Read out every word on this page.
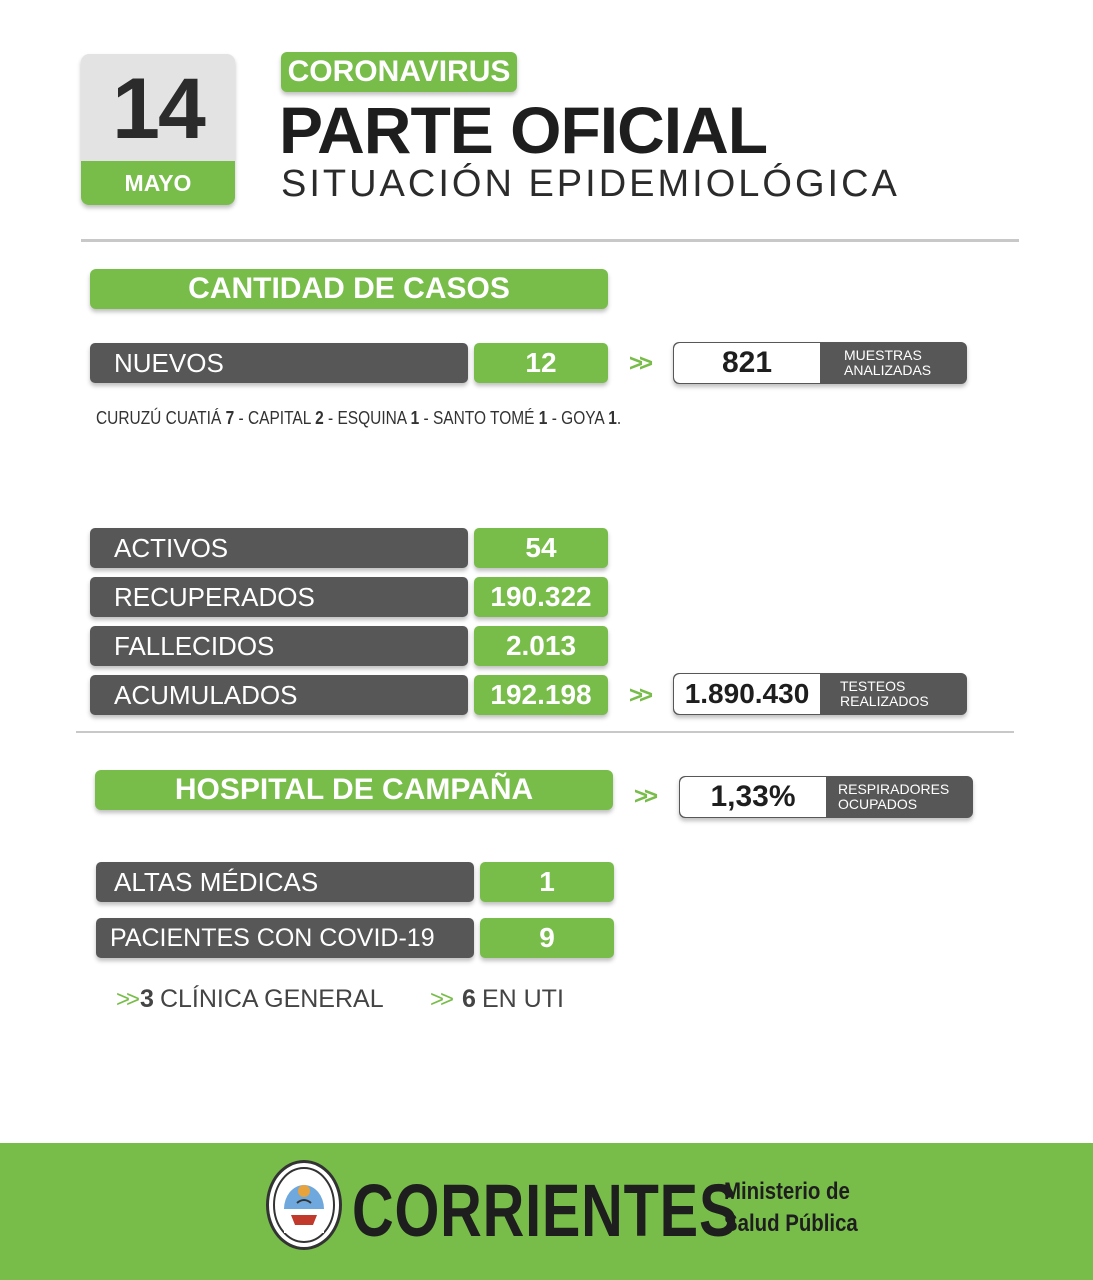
14
MAYO
CORONAVIRUS
PARTE OFICIAL
SITUACIÓN EPIDEMIOLÓGICA
CANTIDAD DE CASOS
NUEVOS	12	>>	821	MUESTRAS
ANALIZADAS
CURUZÚ CUATIÁ 7 - CAPITAL 2 - ESQUINA 1 - SANTO TOMÉ 1 - GOYA 1.
ACTIVOS	54
RECUPERADOS	190.322
FALLECIDOS	2.013
ACUMULADOS	192.198	>>	1.890.430	TESTEOS
REALIZADOS
HOSPITAL DE CAMPAÑA	>>	1,33%	RESPIRADORES
OCUPADOS
ALTAS MÉDICAS	1
PACIENTES CON COVID-19	9
>> 3 CLÍNICA GENERAL >> 6 EN UTI
CORRIENTES
Ministerio de
Salud Pública
